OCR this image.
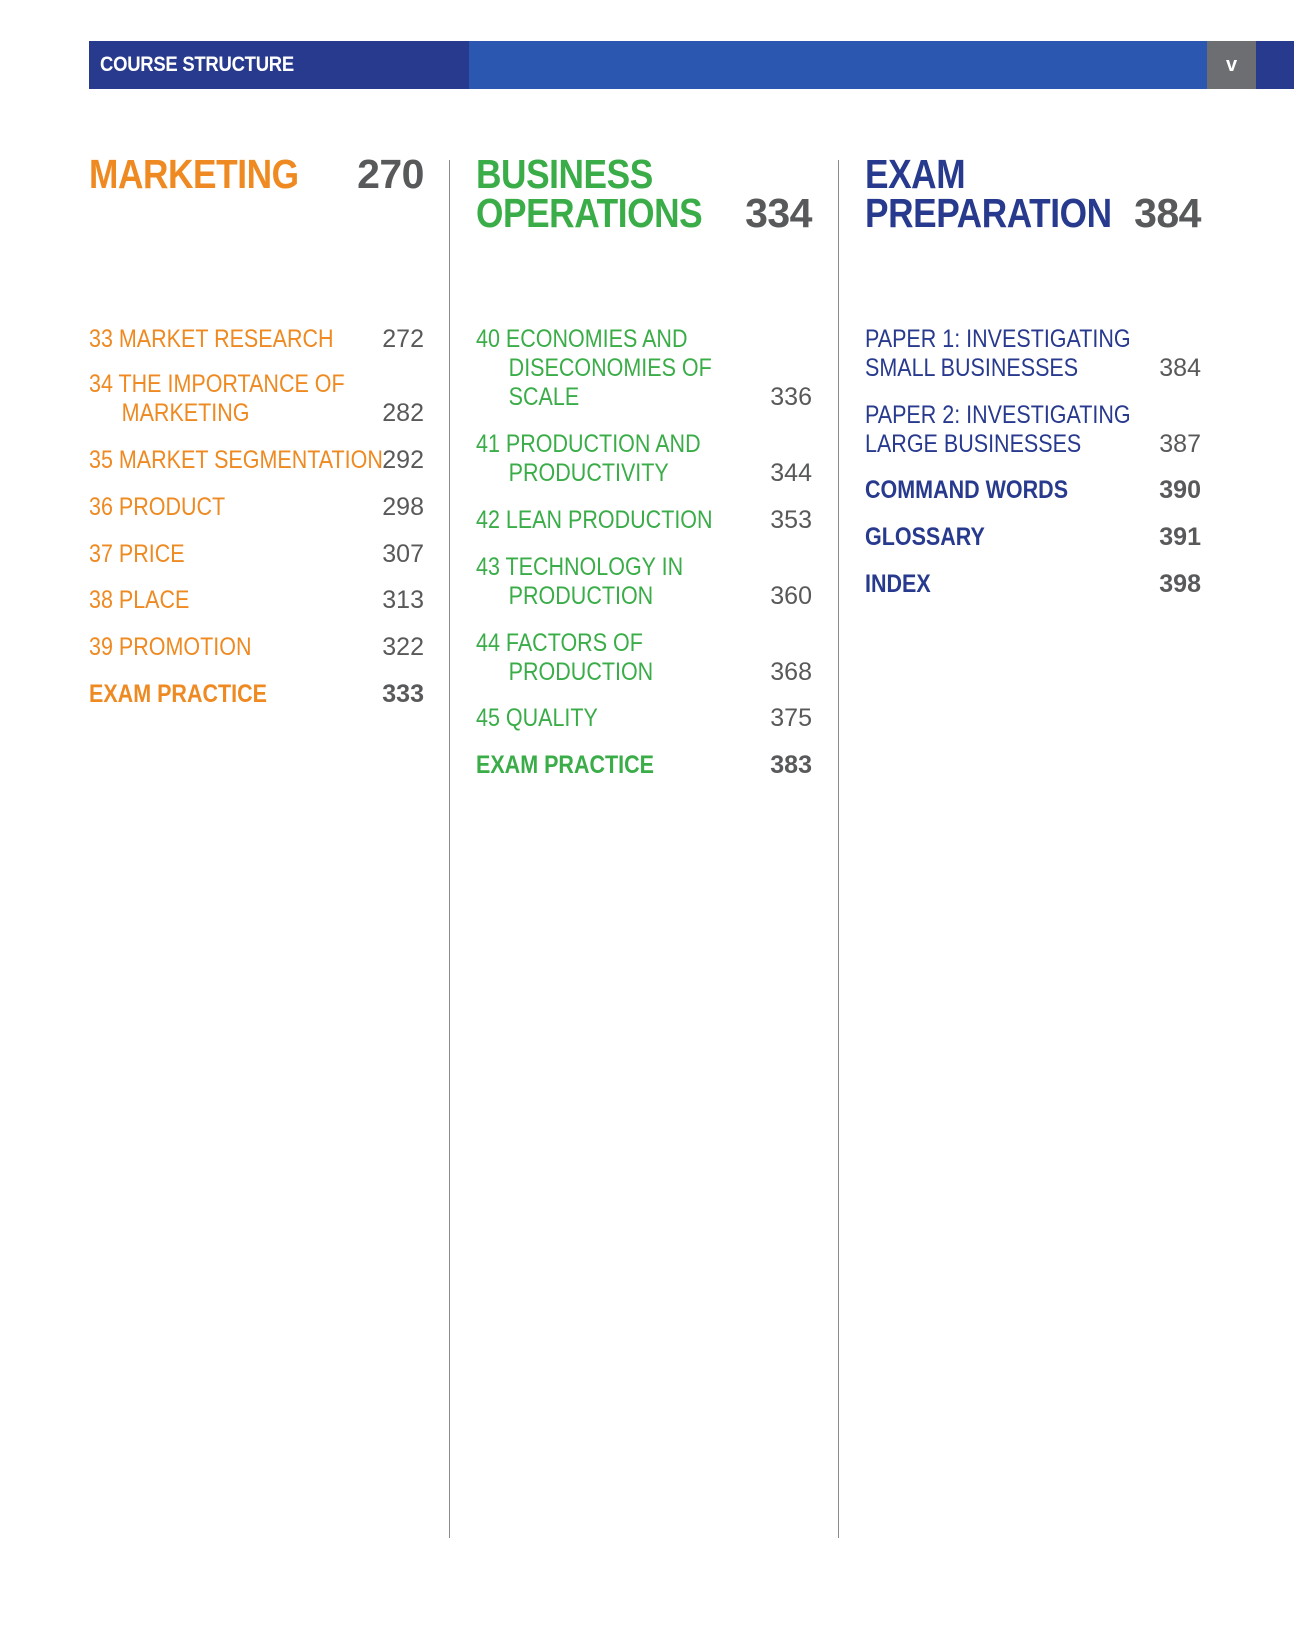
COURSE STRUCTURE	v
MARKETING 270
33 MARKET RESEARCH 272
34 THE IMPORTANCE OF
MARKETING	282
35 MARKET SEGMENTATION 292
36 PRODUCT	298
37 PRICE	307
38 PLACE	313
39 PROMOTION	322
EXAM PRACTICE	333
BUSINESS
OPERATIONS 334
40 ECONOMIES AND
DISECONOMIES OF
SCALE	336
41 PRODUCTION AND
PRODUCTIVITY	344
42 LEAN PRODUCTION 353
43 TECHNOLOGY IN
PRODUCTION	360
44 FACTORS OF
PRODUCTION	368
45 QUALITY	375
EXAM PRACTICE	383
EXAM
PREPARATION 384
PAPER 1: INVESTIGATING
SMALL BUSINESSES	384
PAPER 2: INVESTIGATING
LARGE BUSINESSES	387
COMMAND WORDS	390
GLOSSARY	391
INDEX	398
